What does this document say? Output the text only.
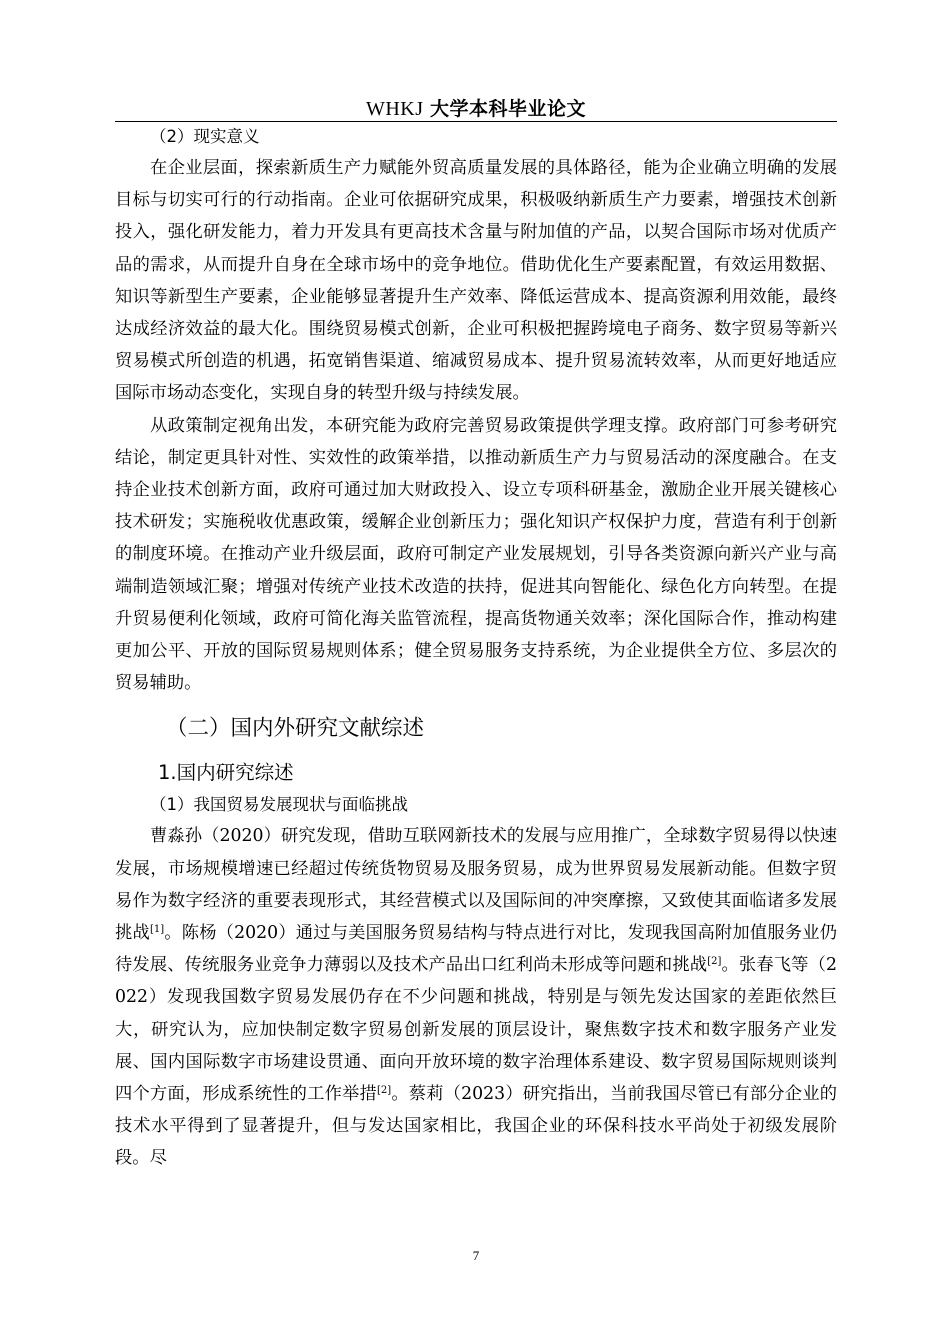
WHKJ 大学本科毕业论文
（2）现实意义

在企业层面，探索新质生产力赋能外贸高质量发展的具体路径，能为企业确立明确的发展目标与切实可行的行动指南。企业可依据研究成果，积极吸纳新质生产力要素，增强技术创新投入，强化研发能力，着力开发具有更高技术含量与附加值的产品，以契合国际市场对优质产品的需求，从而提升自身在全球市场中的竞争地位。借助优化生产要素配置，有效运用数据、知识等新型生产要素，企业能够显著提升生产效率、降低运营成本、提高资源利用效能，最终达成经济效益的最大化。围绕贸易模式创新，企业可积极把握跨境电子商务、数字贸易等新兴贸易模式所创造的机遇，拓宽销售渠道、缩减贸易成本、提升贸易流转效率，从而更好地适应国际市场动态变化，实现自身的转型升级与持续发展。

从政策制定视角出发，本研究能为政府完善贸易政策提供学理支撑。政府部门可参考研究结论，制定更具针对性、实效性的政策举措，以推动新质生产力与贸易活动的深度融合。在支持企业技术创新方面，政府可通过加大财政投入、设立专项科研基金，激励企业开展关键核心技术研发；实施税收优惠政策，缓解企业创新压力；强化知识产权保护力度，营造有利于创新的制度环境。在推动产业升级层面，政府可制定产业发展规划，引导各类资源向新兴产业与高端制造领域汇聚；增强对传统产业技术改造的扶持，促进其向智能化、绿色化方向转型。在提升贸易便利化领域，政府可简化海关监管流程，提高货物通关效率；深化国际合作，推动构建更加公平、开放的国际贸易规则体系；健全贸易服务支持系统，为企业提供全方位、多层次的贸易辅助。

（二）国内外研究文献综述
1.国内研究综述
（1）我国贸易发展现状与面临挑战

曹淼孙（2020）研究发现，借助互联网新技术的发展与应用推广，全球数字贸易得以快速发展，市场规模增速已经超过传统货物贸易及服务贸易，成为世界贸易发展新动能。但数字贸易作为数字经济的重要表现形式，其经营模式以及国际间的冲突摩擦，又致使其面临诸多发展挑战[1]。陈杨（2020）通过与美国服务贸易结构与特点进行对比，发现我国高附加值服务业仍待发展、传统服务业竞争力薄弱以及技术产品出口红利尚未形成等问题和挑战[2]。张春飞等（2022）发现我国数字贸易发展仍存在不少问题和挑战，特别是与领先发达国家的差距依然巨大，研究认为，应加快制定数字贸易创新发展的顶层设计，聚焦数字技术和数字服务产业发展、国内国际数字市场建设贯通、面向开放环境的数字治理体系建设、数字贸易国际规则谈判四个方面，形成系统性的工作举措[2]。蔡莉（2023）研究指出，当前我国尽管已有部分企业的技术水平得到了显著提升，但与发达国家相比，我国企业的环保科技水平尚处于初级发展阶段。尽

7
